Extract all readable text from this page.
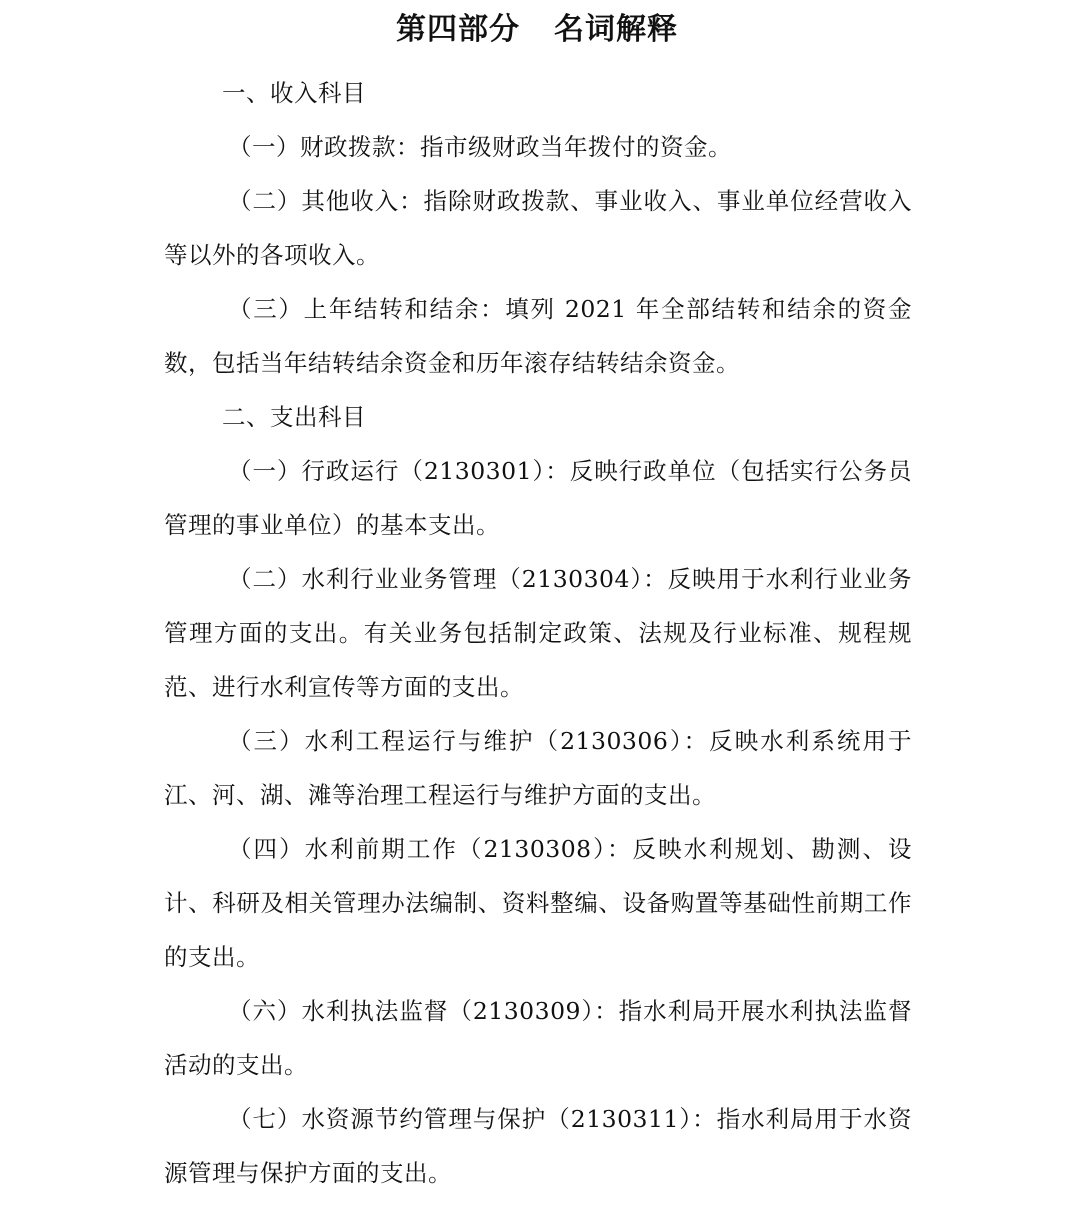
第四部分 名词解释

一、收入科目

（一）财政拨款：指市级财政当年拨付的资金。

（二）其他收入：指除财政拨款、事业收入、事业单位经营收入等以外的各项收入。

（三）上年结转和结余：填列 2021 年全部结转和结余的资金数，包括当年结转结余资金和历年滚存结转结余资金。

二、支出科目

（一）行政运行（2130301）：反映行政单位（包括实行公务员管理的事业单位）的基本支出。

（二）水利行业业务管理（2130304）：反映用于水利行业业务管理方面的支出。有关业务包括制定政策、法规及行业标准、规程规范、进行水利宣传等方面的支出。

（三）水利工程运行与维护（2130306）：反映水利系统用于江、河、湖、滩等治理工程运行与维护方面的支出。

（四）水利前期工作（2130308）：反映水利规划、勘测、设计、科研及相关管理办法编制、资料整编、设备购置等基础性前期工作的支出。

（六）水利执法监督（2130309）：指水利局开展水利执法监督活动的支出。

（七）水资源节约管理与保护（2130311）：指水利局用于水资源管理与保护方面的支出。
